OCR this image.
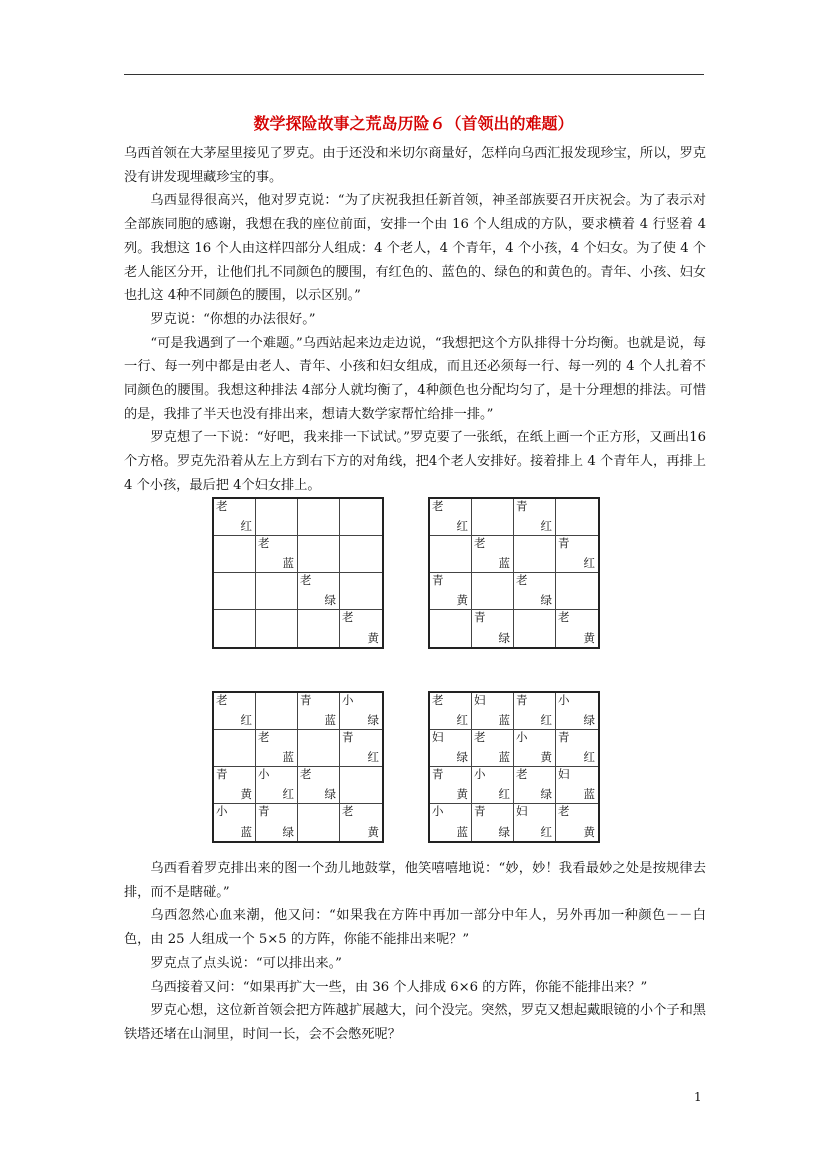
数学探险故事之荒岛历险６（首领出的难题）

乌西首领在大茅屋里接见了罗克。由于还没和米切尔商量好，怎样向乌西汇报发现珍宝，所以，罗克没有讲发现埋藏珍宝的事。

乌西显得很高兴，他对罗克说：“为了庆祝我担任新首领，神圣部族要召开庆祝会。为了表示对全部族同胞的感谢，我想在我的座位前面，安排一个由 16 个人组成的方队，要求横着 4 行竖着 4 列。我想这 16 个人由这样四部分人组成：4 个老人，4 个青年，4 个小孩，4 个妇女。为了使 4 个老人能区分开，让他们扎不同颜色的腰围，有红色的、蓝色的、绿色的和黄色的。青年、小孩、妇女也扎这 4种不同颜色的腰围，以示区别。”

罗克说：“你想的办法很好。”

“可是我遇到了一个难题。”乌西站起来边走边说，“我想把这个方队排得十分均衡。也就是说，每一行、每一列中都是由老人、青年、小孩和妇女组成，而且还必须每一行、每一列的 4 个人扎着不同颜色的腰围。我想这种排法 4部分人就均衡了，4种颜色也分配均匀了，是十分理想的排法。可惜的是，我排了半天也没有排出来，想请大数学家帮忙给排一排。”

罗克想了一下说：“好吧，我来排一下试试。”罗克要了一张纸，在纸上画一个正方形，又画出16个方格。罗克先沿着从左上方到右下方的对角线，把4个老人安排好。接着排上 4 个青年人，再排上 4 个小孩，最后把 4个妇女排上。

老
红
老
蓝
老
绿
老
黄
老
红
青
红
老
蓝
青
红
青
黄
老
绿
青
绿
老
黄
老
红
青
蓝
小
绿
老
蓝
青
红
青
黄
小
红
老
绿
小
蓝
青
绿
老
黄
老
红
妇
蓝
青
红
小
绿
妇
绿
老
蓝
小
黄
青
红
青
黄
小
红
老
绿
妇
蓝
小
蓝
青
绿
妇
红
老
黄

乌西看着罗克排出来的图一个劲儿地鼓掌，他笑嘻嘻地说：“妙，妙！我看最妙之处是按规律去排，而不是瞎碰。”

乌西忽然心血来潮，他又问：“如果我在方阵中再加一部分中年人，另外再加一种颜色－－白色，由 25 人组成一个 5×5 的方阵，你能不能排出来呢？”

罗克点了点头说：“可以排出来。”

乌西接着又问：“如果再扩大一些，由 36 个人排成 6×6 的方阵，你能不能排出来？”

罗克心想，这位新首领会把方阵越扩展越大，问个没完。突然，罗克又想起戴眼镜的小个子和黑铁塔还堵在山洞里，时间一长，会不会憋死呢？

1
